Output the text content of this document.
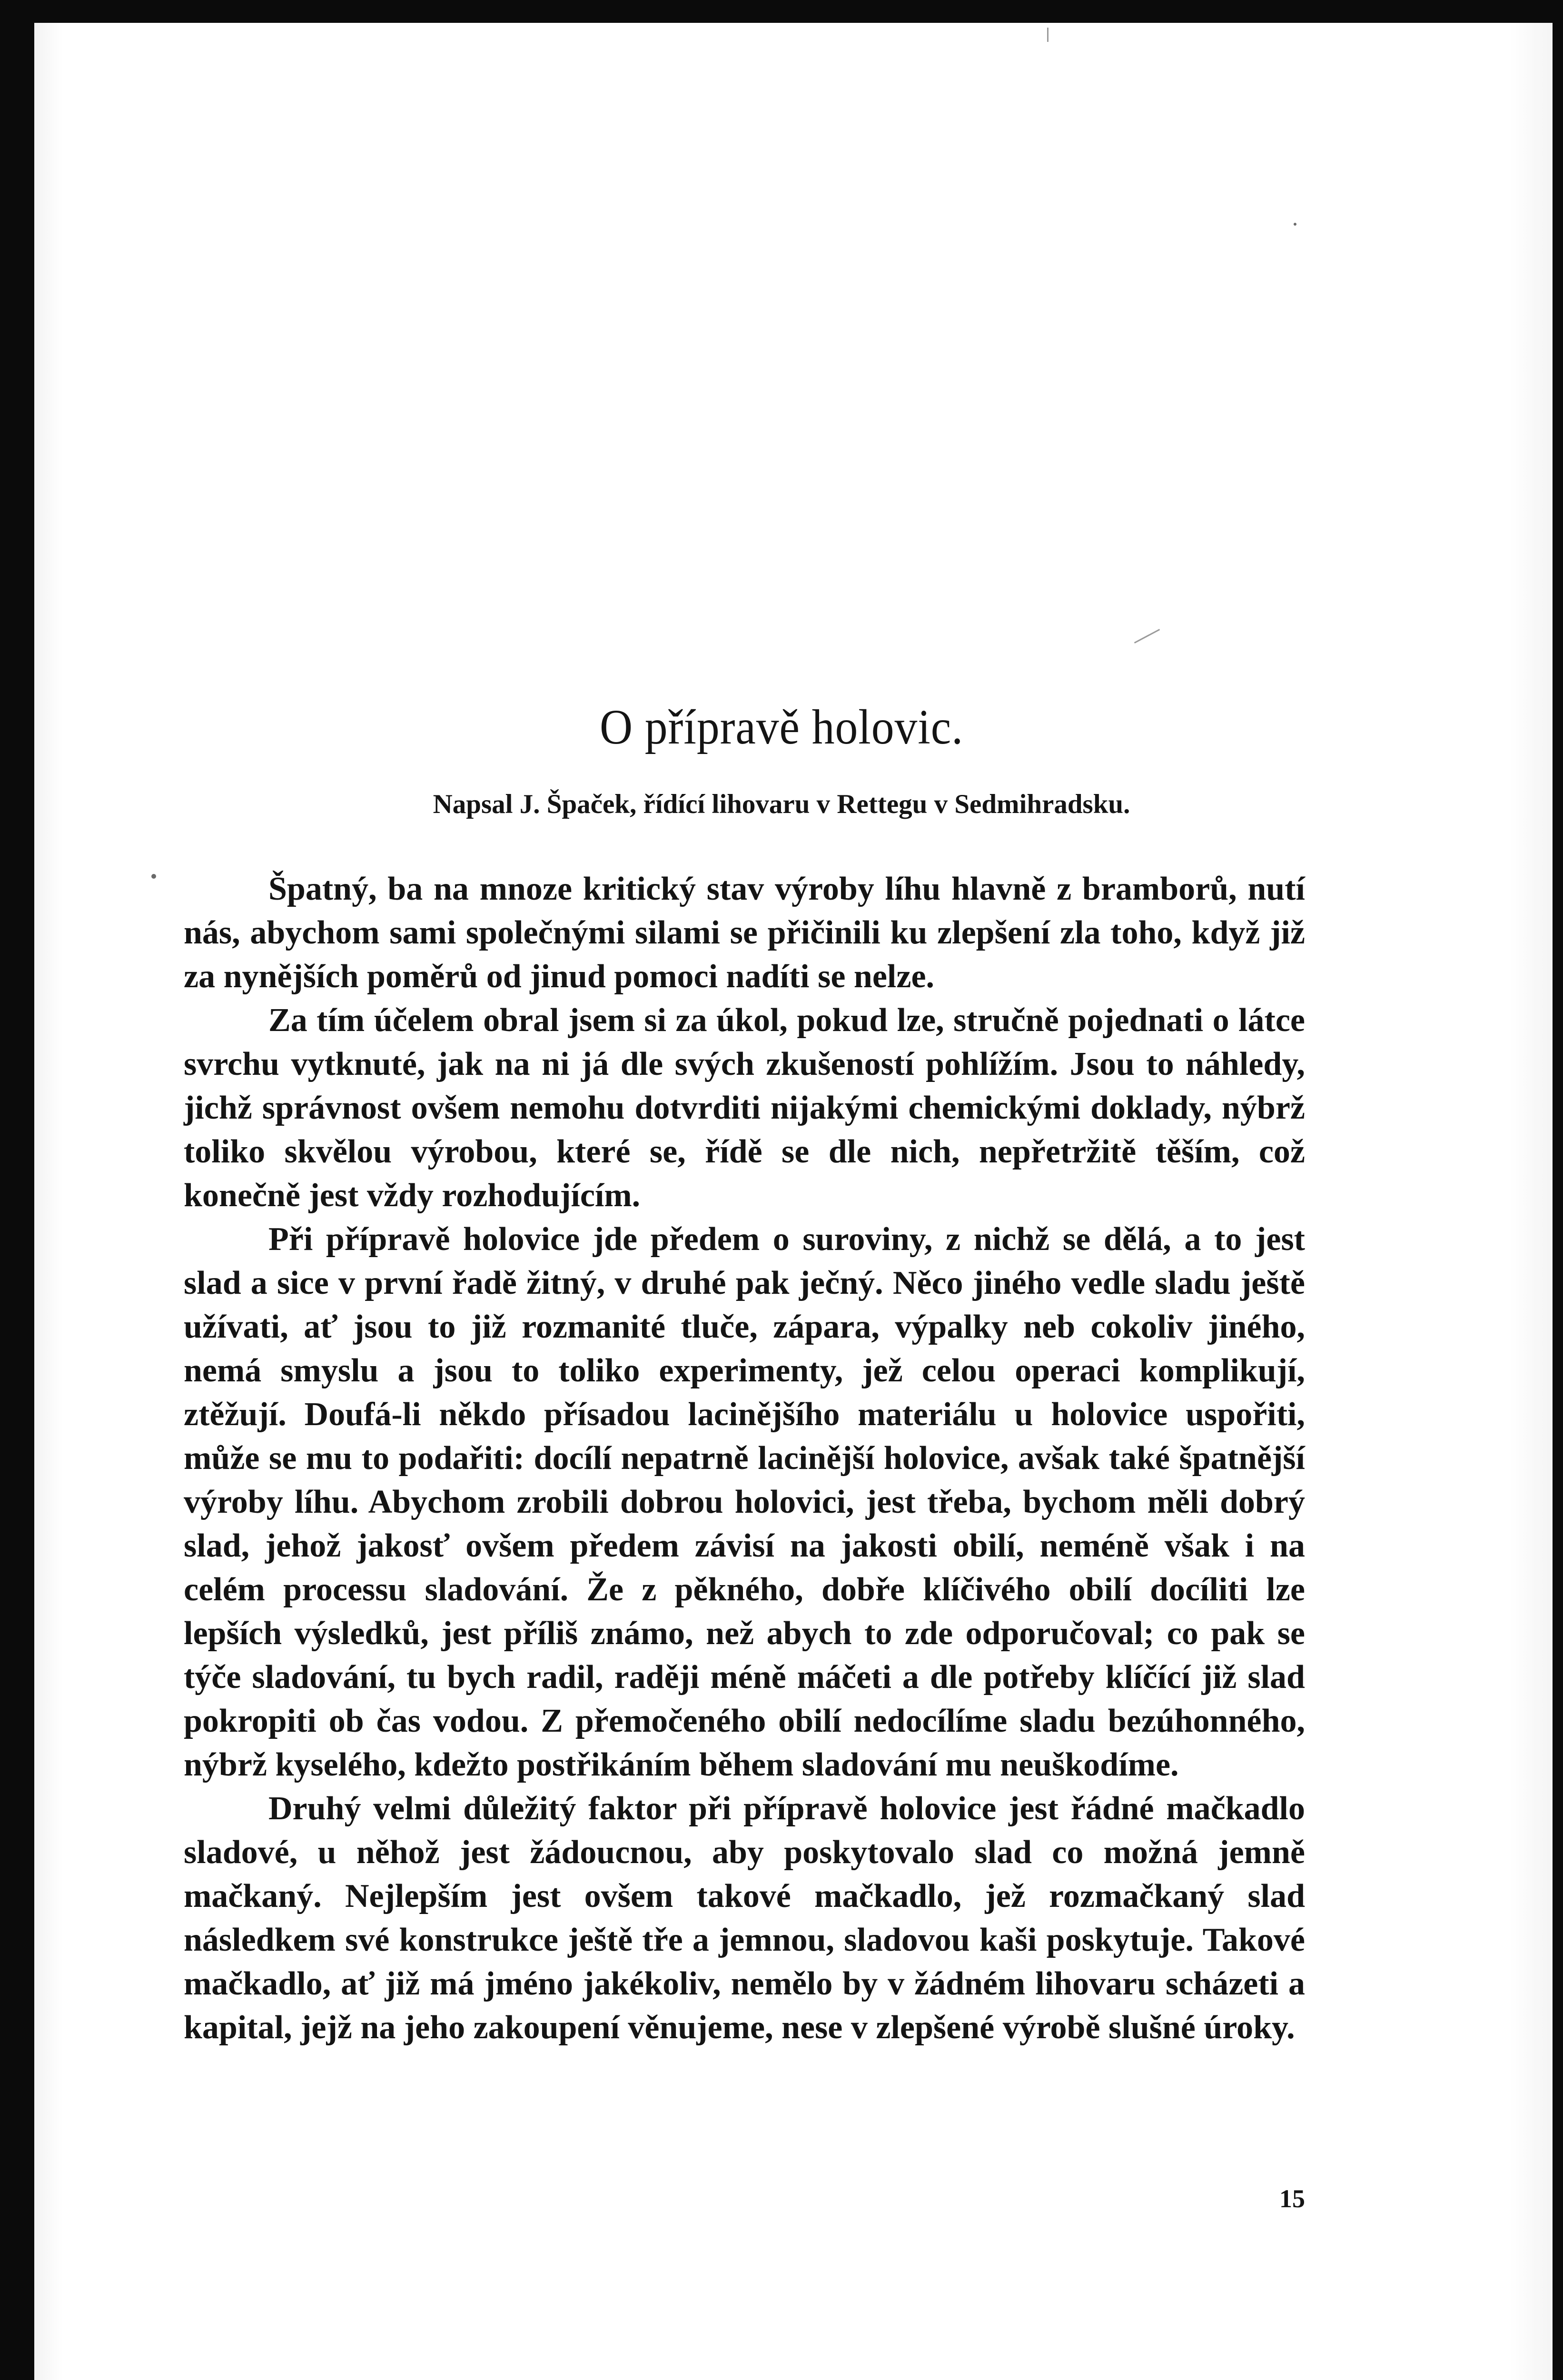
O přípravě holovic.
Napsal J. Špaček, řídící lihovaru v Rettegu v Sedmihradsku.

Špatný, ba na mnoze kritický stav výroby líhu hlavně z bramborů, nutí nás, abychom sami společnými silami se přičinili ku zlepšení zla toho, když již za nynějších poměrů od jinud pomoci nadíti se nelze.

Za tím účelem obral jsem si za úkol, pokud lze, stručně pojednati o látce svrchu vytknuté, jak na ni já dle svých zkušeností pohlížím. Jsou to náhledy, jichž správnost ovšem nemohu dotvrditi nijakými chemickými doklady, nýbrž toliko skvělou výrobou, které se, řídě se dle nich, nepřetržitě těším, což konečně jest vždy rozhodujícím.

Při přípravě holovice jde předem o suroviny, z nichž se dělá, a to jest slad a sice v první řadě žitný, v druhé pak ječný. Něco jiného vedle sladu ještě užívati, ať jsou to již rozmanité tluče, zápara, výpalky neb cokoliv jiného, nemá smyslu a jsou to toliko experimenty, jež celou operaci komplikují, ztěžují. Doufá-li někdo přísadou lacinějšího materiálu u holovice uspořiti, může se mu to podařiti: docílí nepatrně lacinější holovice, avšak také špatnější výroby líhu. Abychom zrobili dobrou holovici, jest třeba, bychom měli dobrý slad, jehož jakosť ovšem předem závisí na jakosti obilí, neméně však i na celém processu sladování. Že z pěkného, dobře klíčivého obilí docíliti lze lepších výsledků, jest příliš známo, než abych to zde odporučoval; co pak se týče sladování, tu bych radil, raději méně máčeti a dle potřeby klíčící již slad pokropiti ob čas vodou. Z přemočeného obilí nedocílíme sladu bezúhonného, nýbrž kyselého, kdežto postřikáním během sladování mu neuškodíme.

Druhý velmi důležitý faktor při přípravě holovice jest řádné mačkadlo sladové, u něhož jest žádoucnou, aby poskytovalo slad co možná jemně mačkaný. Nejlepším jest ovšem takové mačkadlo, jež rozmačkaný slad následkem své konstrukce ještě tře a jemnou, sladovou kaši poskytuje. Takové mačkadlo, ať již má jméno jakékoliv, nemělo by v žádném lihovaru scházeti a kapital, jejž na jeho zakoupení věnujeme, nese v zlepšené výrobě slušné úroky.

15
